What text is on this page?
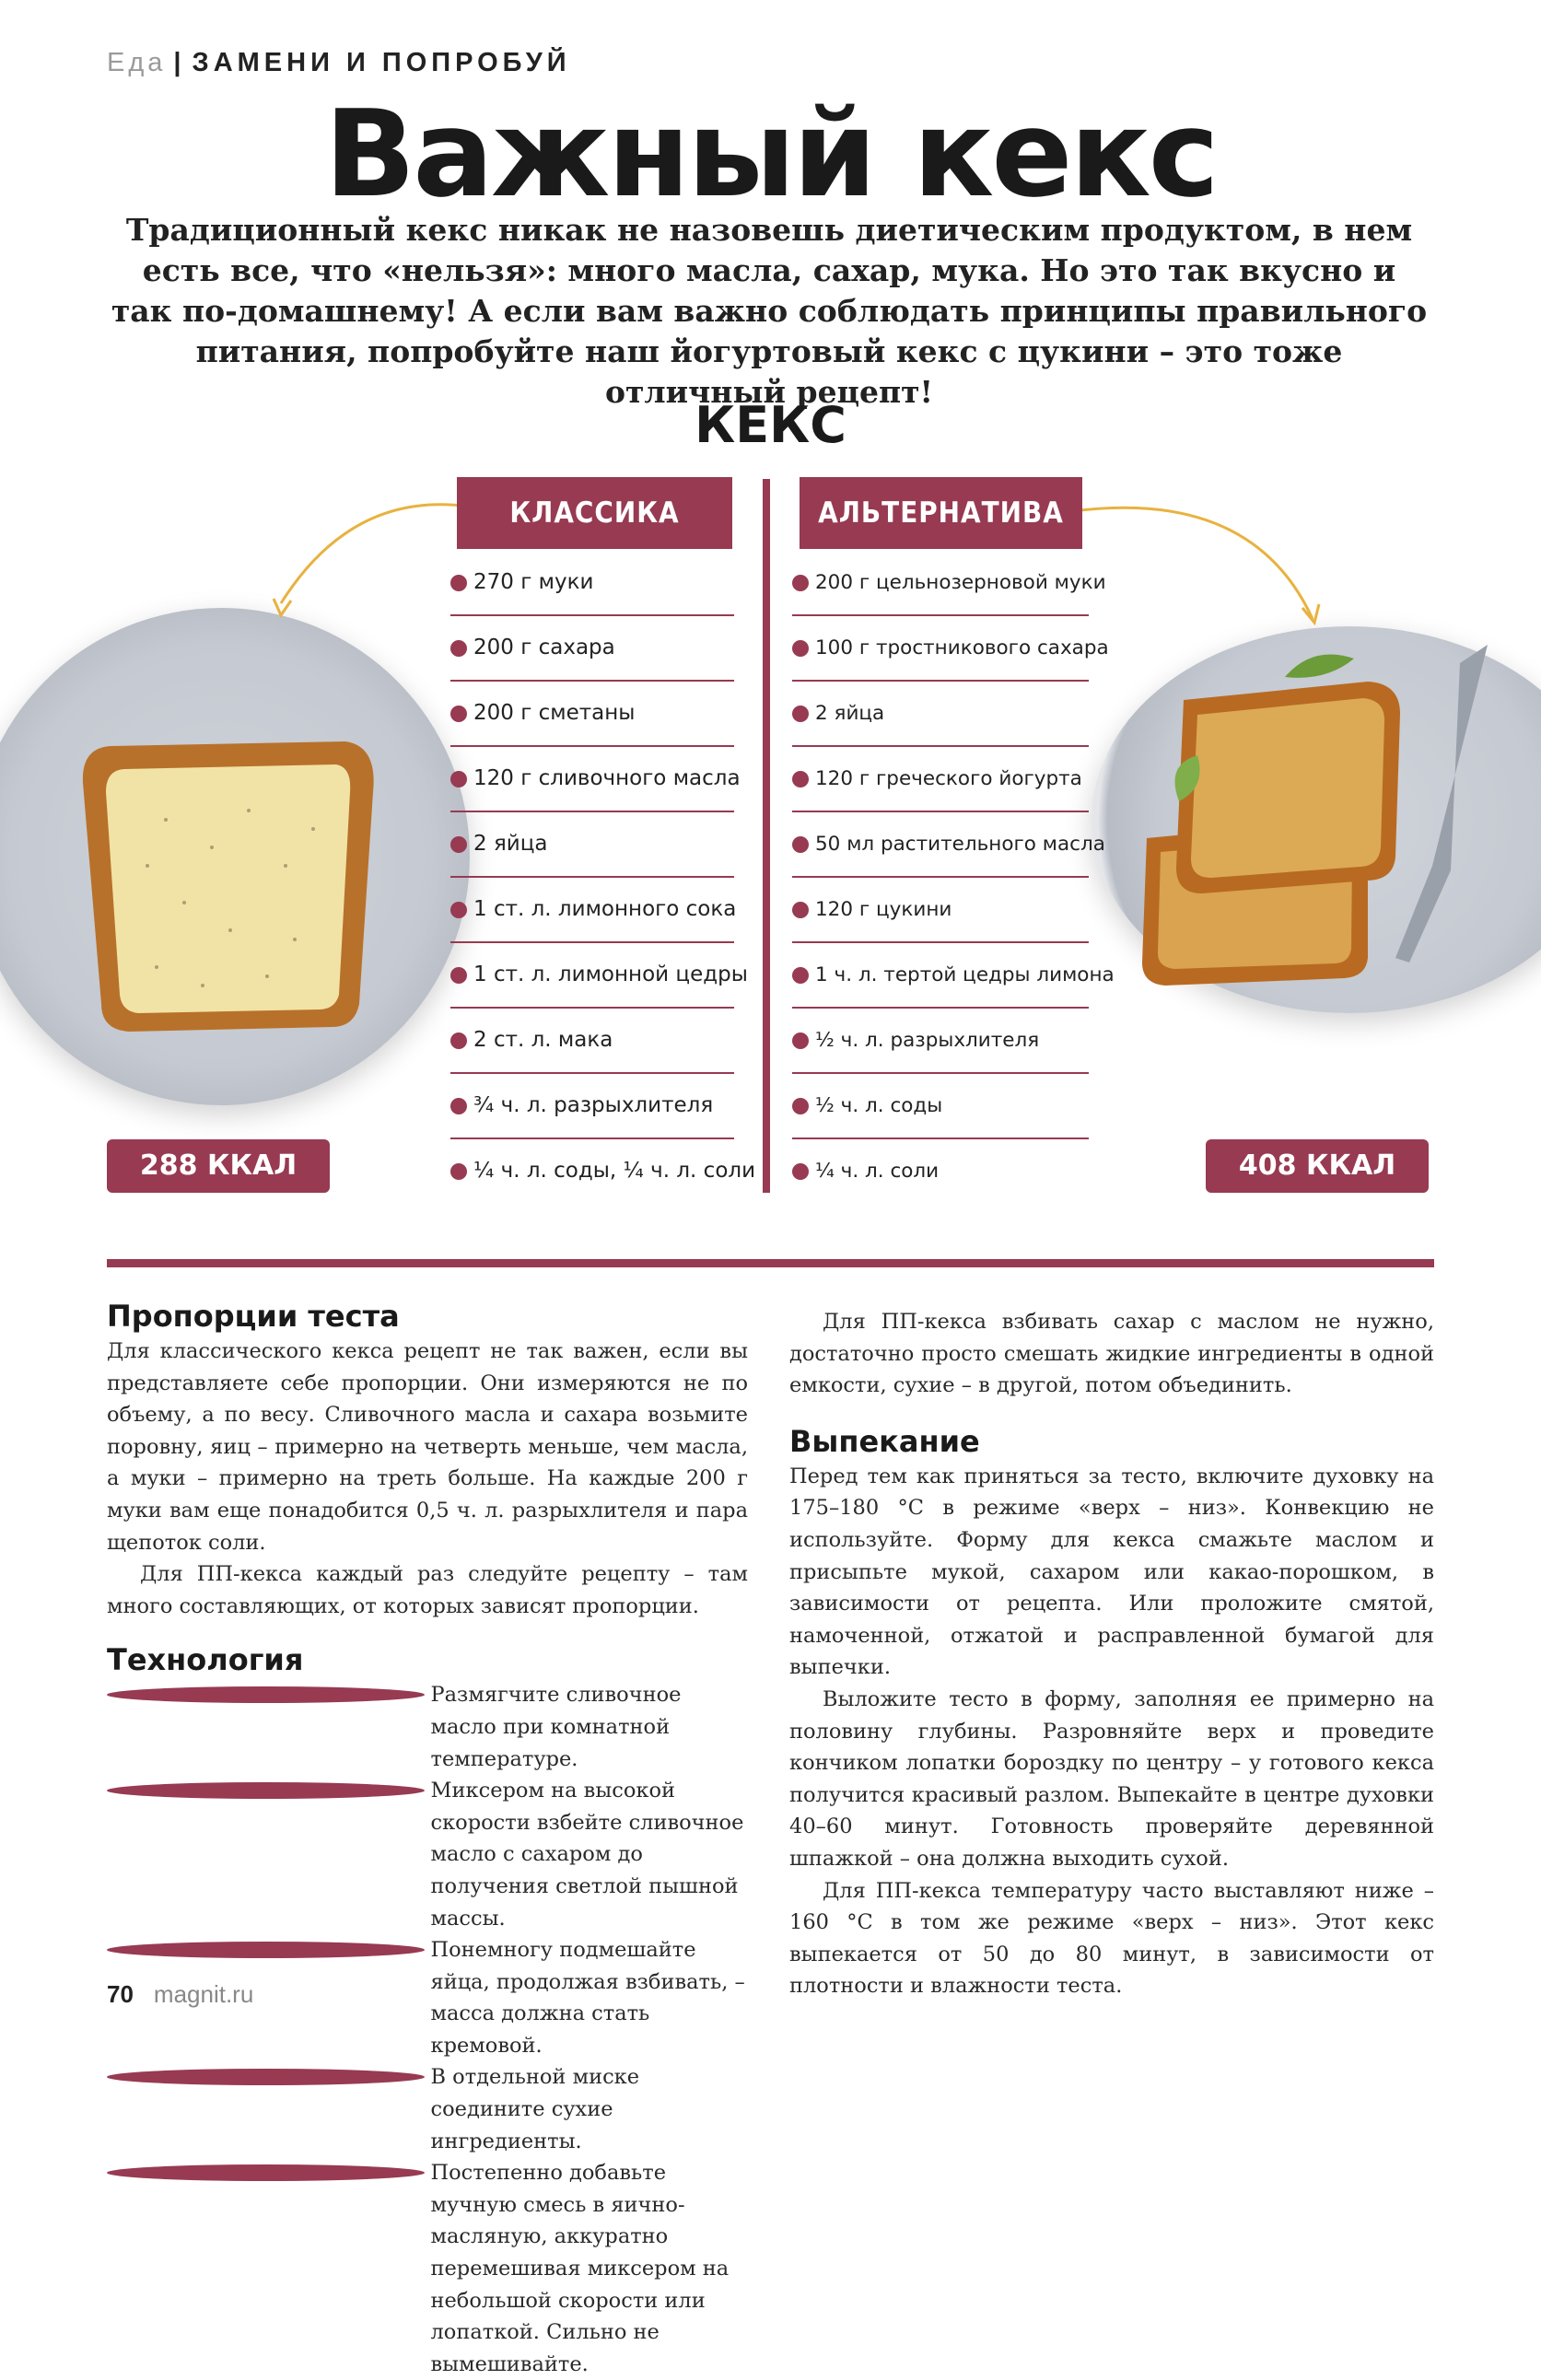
Еда | ЗАМЕНИ И ПОПРОБУЙ
Важный кекс
Традиционный кекс никак не назовешь диетическим продуктом, в нем есть все, что «нельзя»: много масла, сахар, мука. Но это так вкусно и так по-домашнему! А если вам важно соблюдать принципы правильного питания, попробуйте наш йогуртовый кекс с цукини – это тоже отличный рецепт!
КЕКС
КЛАССИКА	АЛЬТЕРНАТИВА
270 г муки
200 г сахара
200 г сметаны
120 г сливочного масла
2 яйца
1 ст. л. лимонного сока
1 ст. л. лимонной цедры
2 ст. л. мака
¾ ч. л. разрыхлителя
¼ ч. л. соды, ¼ ч. л. соли
200 г цельнозерновой муки
100 г тростникового сахара
2 яйца
120 г греческого йогурта
50 мл растительного масла
120 г цукини
1 ч. л. тертой цедры лимона
½ ч. л. разрыхлителя
½ ч. л. соды
¼ ч. л. соли
288 ККАЛ	408 ККАЛ
Пропорции теста

Для классического кекса рецепт не так важен, если вы представляете себе пропорции. Они измеряются не по объему, а по весу. Сливочного масла и сахара возьмите поровну, яиц – примерно на четверть меньше, чем масла, а муки – примерно на треть больше. На каждые 200 г муки вам еще понадобится 0,5 ч. л. разрыхлителя и пара щепоток соли.

Для ПП-кекса каждый раз следуйте рецепту – там много составляющих, от которых зависят пропорции.

Технология
Размягчите сливочное масло при комнатной температуре.
Миксером на высокой скорости взбейте сливочное масло с сахаром до получения светлой пышной массы.
Понемногу подмешайте яйца, продолжая взбивать, – масса должна стать кремовой.
В отдельной миске соедините сухие ингредиенты.
Постепенно добавьте мучную смесь в яично-масляную, аккуратно перемешивая миксером на небольшой скорости или лопаткой. Сильно не вымешивайте.

Для ПП-кекса взбивать сахар с маслом не нужно, достаточно просто смешать жидкие ингредиенты в одной емкости, сухие – в другой, потом объединить.

Выпекание

Перед тем как приняться за тесто, включите духовку на 175–180 °С в режиме «верх – низ». Конвекцию не используйте. Форму для кекса смажьте маслом и присыпьте мукой, сахаром или какао-порошком, в зависимости от рецепта. Или проложите смятой, намоченной, отжатой и расправленной бумагой для выпечки.

Выложите тесто в форму, заполняя ее примерно на половину глубины. Разровняйте верх и проведите кончиком лопатки бороздку по центру – у готового кекса получится красивый разлом. Выпекайте в центре духовки 40–60 минут. Готовность проверяйте деревянной шпажкой – она должна выходить сухой.

Для ПП-кекса температуру часто выставляют ниже – 160 °С в том же режиме «верх – низ». Этот кекс выпекается от 50 до 80 минут, в зависимости от плотности и влажности теста.

70 magnit.ru
